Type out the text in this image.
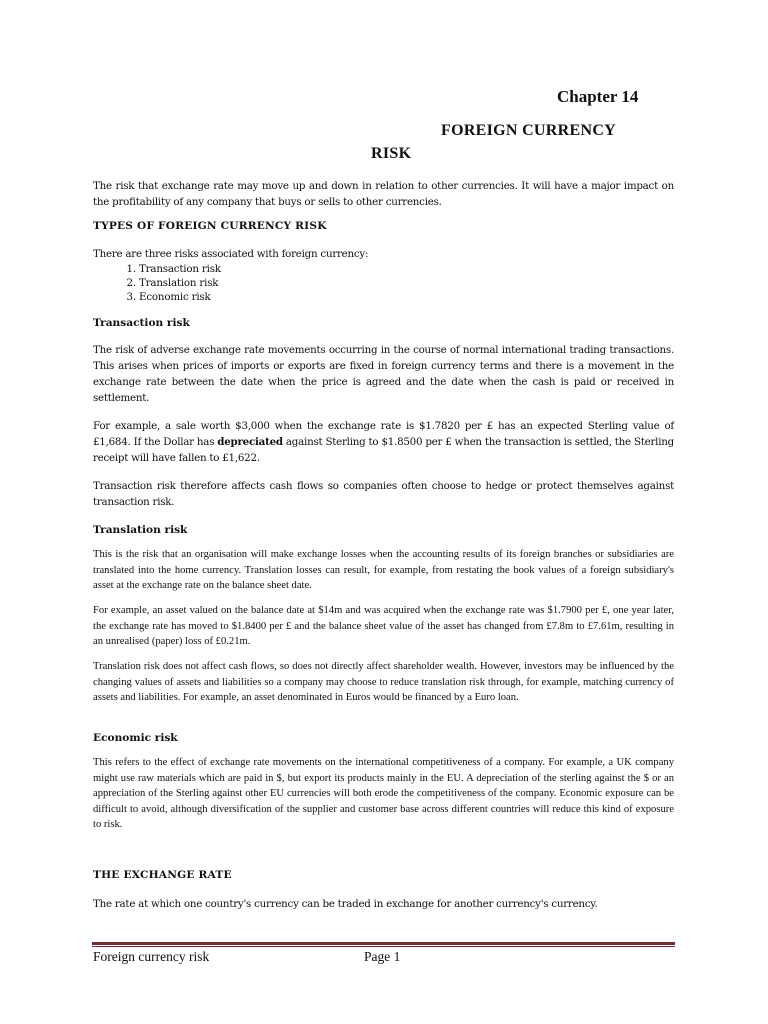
Chapter 14
FOREIGN CURRENCY
RISK

The risk that exchange rate may move up and down in relation to other currencies. It will have a major impact on the profitability of any company that buys or sells to other currencies.

TYPES OF FOREIGN CURRENCY RISK

There are three risks associated with foreign currency:

1. Transaction risk
2. Translation risk
3. Economic risk

Transaction risk

The risk of adverse exchange rate movements occurring in the course of normal international trading transactions. This arises when prices of imports or exports are fixed in foreign currency terms and there is a movement in the exchange rate between the date when the price is agreed and the date when the cash is paid or received in settlement.

For example, a sale worth $3,000 when the exchange rate is $1.7820 per £ has an expected Sterling value of £1,684. If the Dollar has depreciated against Sterling to $1.8500 per £ when the transaction is settled, the Sterling receipt will have fallen to £1,622.

Transaction risk therefore affects cash flows so companies often choose to hedge or protect themselves against transaction risk.

Translation risk

This is the risk that an organisation will make exchange losses when the accounting results of its foreign branches or subsidiaries are translated into the home currency. Translation losses can result, for example, from restating the book values of a foreign subsidiary's asset at the exchange rate on the balance sheet date.

For example, an asset valued on the balance date at $14m and was acquired when the exchange rate was $1.7900 per £, one year later, the exchange rate has moved to $1.8400 per £ and the balance sheet value of the asset has changed from £7.8m to £7.61m, resulting in an unrealised (paper) loss of £0.21m.

Translation risk does not affect cash flows, so does not directly affect shareholder wealth. However, investors may be influenced by the changing values of assets and liabilities so a company may choose to reduce translation risk through, for example, matching currency of assets and liabilities. For example, an asset denominated in Euros would be financed by a Euro loan.

Economic risk

This refers to the effect of exchange rate movements on the international competitiveness of a company. For example, a UK company might use raw materials which are paid in $, but export its products mainly in the EU. A depreciation of the sterling against the $ or an appreciation of the Sterling against other EU currencies will both erode the competitiveness of the company. Economic exposure can be difficult to avoid, although diversification of the supplier and customer base across different countries will reduce this kind of exposure to risk.

THE EXCHANGE RATE

The rate at which one country's currency can be traded in exchange for another currency's currency.

Foreign currency risk	Page 1
